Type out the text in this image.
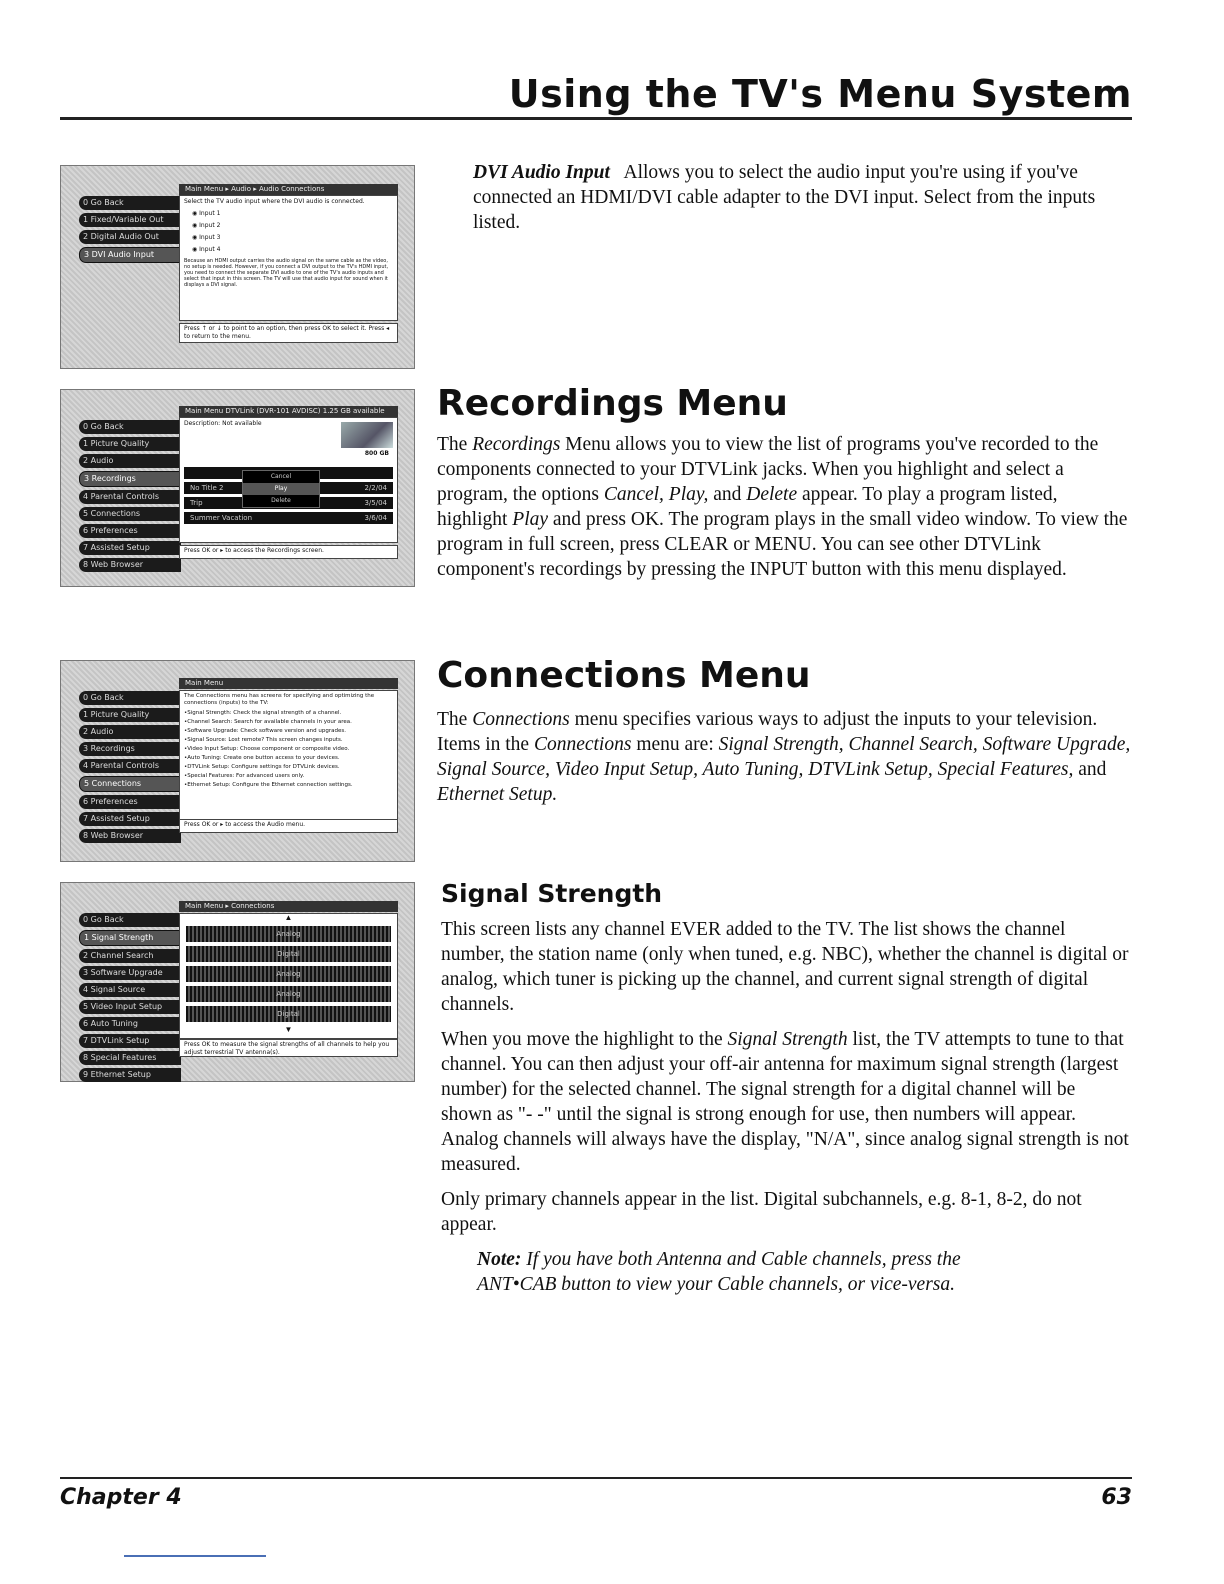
Using the TV's Menu System
Main Menu ▸ Audio ▸ Audio Connections
0 Go Back
1 Fixed/Variable Out
2 Digital Audio Out
3 DVI Audio Input
Select the TV audio input where the DVI audio is connected.
◉ Input 1
◉ Input 2
◉ Input 3
◉ Input 4
Because an HDMI output carries the audio signal on the same cable as the video, no setup is needed. However, if you connect a DVI output to the TV's HDMI input, you need to connect the separate DVI audio to one of the TV's audio inputs and select that input in this screen. The TV will use that audio input for sound when it displays a DVI signal.
Press ↑ or ↓ to point to an option, then press OK to select it. Press ◂ to return to the menu.

DVI Audio Input Allows you to select the audio input you're using if you've connected an HDMI/DVI cable adapter to the DVI input. Select from the inputs listed.

Main Menu DTVLink (DVR-101 AVDISC) 1.25 GB available
0 Go Back
1 Picture Quality
2 Audio
3 Recordings
4 Parental Controls
5 Connections
6 Preferences
7 Assisted Setup
8 Web Browser
Description: Not available
800 GB
No Title 2	2/2/04
Trip	3/5/04
Summer Vacation	3/6/04
Cancel
Play
Delete
Press OK or ▸ to access the Recordings screen.
Recordings Menu

The Recordings Menu allows you to view the list of programs you've recorded to the components connected to your DTVLink jacks. When you highlight and select a program, the options Cancel, Play, and Delete appear. To play a program listed, highlight Play and press OK. The program plays in the small video window. To view the program in full screen, press CLEAR or MENU. You can see other DTVLink component's recordings by pressing the INPUT button with this menu displayed.

Main Menu
0 Go Back
1 Picture Quality
2 Audio
3 Recordings
4 Parental Controls
5 Connections
6 Preferences
7 Assisted Setup
8 Web Browser
The Connections menu has screens for specifying and optimizing the connections (inputs) to the TV:
•Signal Strength: Check the signal strength of a channel.
•Channel Search: Search for available channels in your area.
•Software Upgrade: Check software version and upgrades.
•Signal Source: Lost remote? This screen changes inputs.
•Video Input Setup: Choose component or composite video.
•Auto Tuning: Create one button access to your devices.
•DTVLink Setup: Configure settings for DTVLink devices.
•Special Features: For advanced users only.
•Ethernet Setup: Configure the Ethernet connection settings.
Press OK or ▸ to access the Audio menu.
Connections Menu

The Connections menu specifies various ways to adjust the inputs to your television. Items in the Connections menu are: Signal Strength, Channel Search, Software Upgrade, Signal Source, Video Input Setup, Auto Tuning, DTVLink Setup, Special Features, and Ethernet Setup.

Main Menu ▸ Connections
0 Go Back
1 Signal Strength
2 Channel Search
3 Software Upgrade
4 Signal Source
5 Video Input Setup
6 Auto Tuning
7 DTVLink Setup
8 Special Features
9 Ethernet Setup
▲
Analog
Digital
Analog
Analog
Digital
▼
Press OK to measure the signal strengths of all channels to help you adjust terrestrial TV antenna(s).
Signal Strength

This screen lists any channel EVER added to the TV. The list shows the channel number, the station name (only when tuned, e.g. NBC), whether the channel is digital or analog, which tuner is picking up the channel, and current signal strength of digital channels.

When you move the highlight to the Signal Strength list, the TV attempts to tune to that channel. You can then adjust your off-air antenna for maximum signal strength (largest number) for the selected channel. The signal strength for a digital channel will be shown as "- -" until the signal is strong enough for use, then numbers will appear. Analog channels will always have the display, "N/A", since analog signal strength is not measured.

Only primary channels appear in the list. Digital subchannels, e.g. 8-1, 8-2, do not appear.

Note: If you have both Antenna and Cable channels, press the ANT•CAB button to view your Cable channels, or vice-versa.

Chapter 4	63
